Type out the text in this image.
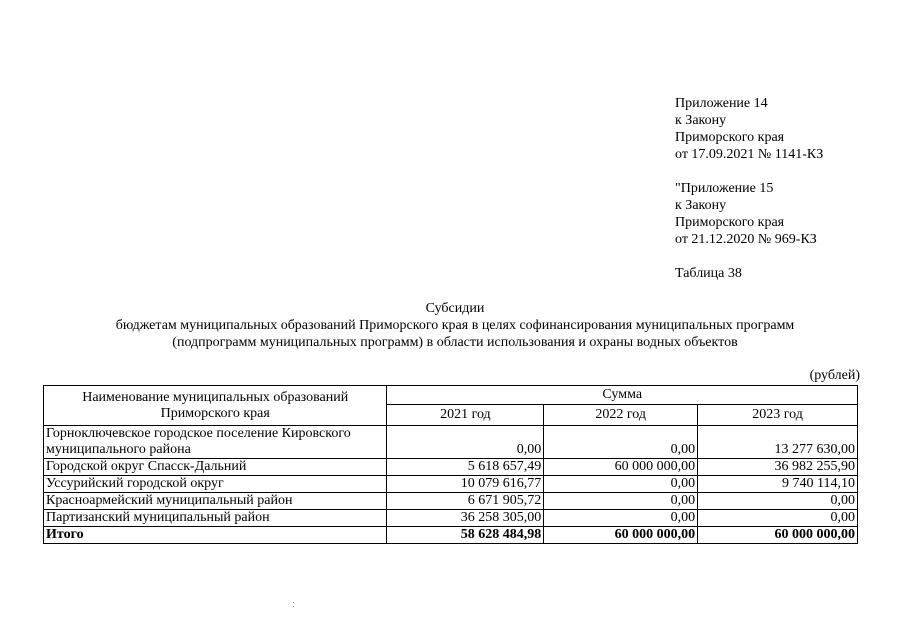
Приложение 14
к Закону
Приморского края
от 17.09.2021 № 1141-КЗ
"Приложение 15
к Закону
Приморского края
от 21.12.2020 № 969-КЗ
Таблица 38
Субсидии
бюджетам муниципальных образований Приморского края в целях софинансирования муниципальных программ
(подпрограмм муниципальных программ) в области использования и охраны водных объектов
(рублей)
Наименование муниципальных образований Приморского края	Сумма		
	2021 год	2022 год	2023 год
Горноключевское городское поселение Кировского муниципального района	0,00	0,00	13 277 630,00
Городской округ Спасск-Дальний	5 618 657,49	60 000 000,00	36 982 255,90
Уссурийский городской округ	10 079 616,77	0,00	9 740 114,10
Красноармейский муниципальный район	6 671 905,72	0,00	0,00
Партизанский муниципальный район	36 258 305,00	0,00	0,00
Итого	58 628 484,98	60 000 000,00	60 000 000,00
